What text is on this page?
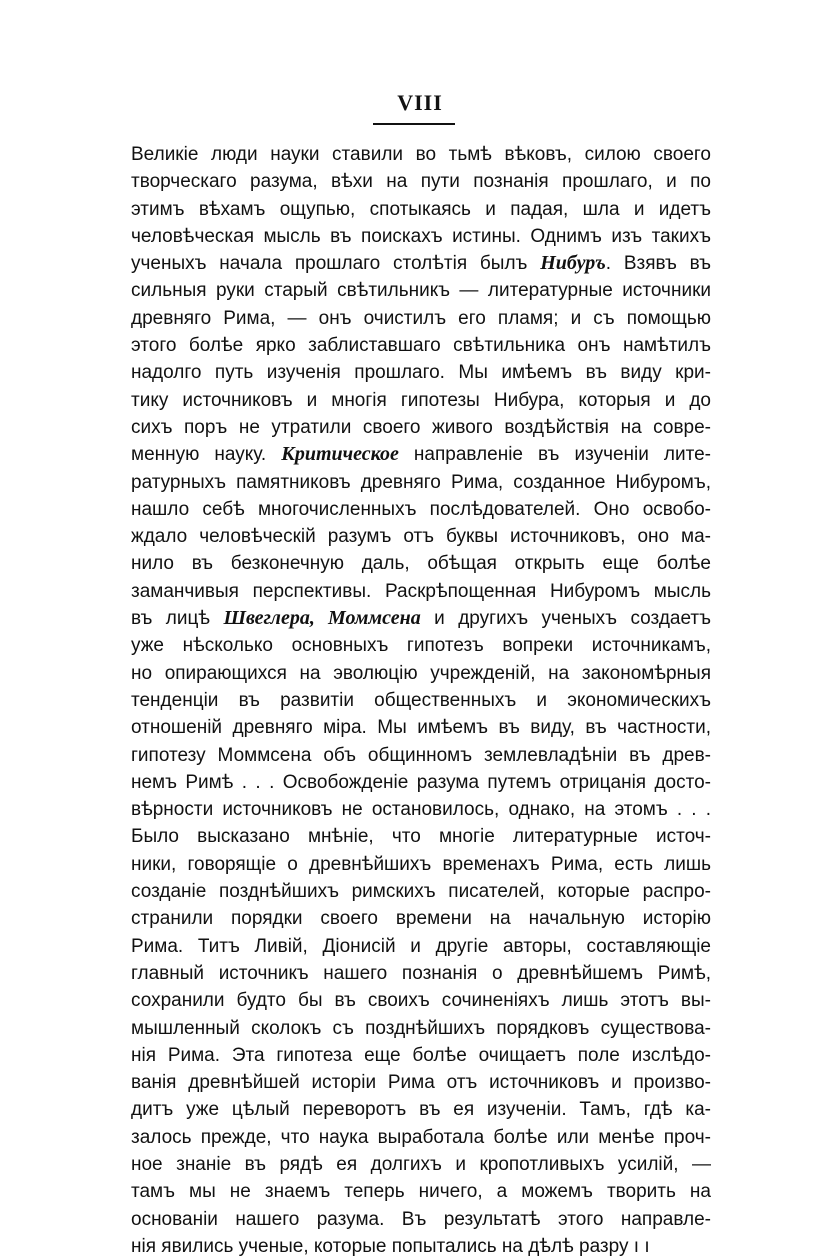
VIII
Великіе люди науки ставили во тьмѣ вѣковъ, силою своего
творческаго разума, вѣхи на пути познанія прошлаго, и по
этимъ вѣхамъ ощупью, спотыкаясь и падая, шла и идетъ
человѣческая мысль въ поискахъ истины. Однимъ изъ такихъ
ученыхъ начала прошлаго столѣтія былъ Нибуръ. Взявъ въ
сильныя руки старый свѣтильникъ — литературные источники
древняго Рима, — онъ очистилъ его пламя; и съ помощью
этого болѣе ярко заблиставшаго свѣтильника онъ намѣтилъ
надолго путь изученія прошлаго. Мы имѣемъ въ виду кри-
тику источниковъ и многія гипотезы Нибура, которыя и до
сихъ поръ не утратили своего живого воздѣйствія на совре-
менную науку. Критическое направленіе въ изученіи лите-
ратурныхъ памятниковъ древняго Рима, созданное Нибуромъ,
нашло себѣ многочисленныхъ послѣдователей. Оно освобо-
ждало человѣческій разумъ отъ буквы источниковъ, оно ма-
нило въ безконечную даль, обѣщая открыть еще болѣе
заманчивыя перспективы. Раскрѣпощенная Нибуромъ мысль
въ лицѣ Швеглера, Моммсена и другихъ ученыхъ создаетъ
уже нѣсколько основныхъ гипотезъ вопреки источникамъ,
но опирающихся на эволюцію учрежденій, на закономѣрныя
тенденціи въ развитіи общественныхъ и экономическихъ
отношеній древняго міра. Мы имѣемъ въ виду, въ частности,
гипотезу Моммсена объ общинномъ землевладѣніи въ древ-
немъ Римѣ . . . Освобожденіе разума путемъ отрицанія досто-
вѣрности источниковъ не остановилось, однако, на этомъ . . .
Было высказано мнѣніе, что многіе литературные источ-
ники, говорящіе о древнѣйшихъ временахъ Рима, есть лишь
созданіе позднѣйшихъ римскихъ писателей, которые распро-
странили порядки своего времени на начальную исторію
Рима. Титъ Ливій, Діонисій и другіе авторы, составляющіе
главный источникъ нашего познанія о древнѣйшемъ Римѣ,
сохранили будто бы въ своихъ сочиненіяхъ лишь этотъ вы-
мышленный сколокъ съ позднѣйшихъ порядковъ существова-
нія Рима. Эта гипотеза еще болѣе очищаетъ поле изслѣдо-
ванія древнѣйшей исторіи Рима отъ источниковъ и произво-
дитъ уже цѣлый переворотъ въ ея изученіи. Тамъ, гдѣ ка-
залось прежде, что наука выработала болѣе или менѣе проч-
ное знаніе въ рядѣ ея долгихъ и кропотливыхъ усилій, —
тамъ мы не знаемъ теперь ничего, а можемъ творить на
основаніи нашего разума. Въ результатѣ этого направле-
нія явились ученые, которые попытались на дѣлѣ разру ı ı
